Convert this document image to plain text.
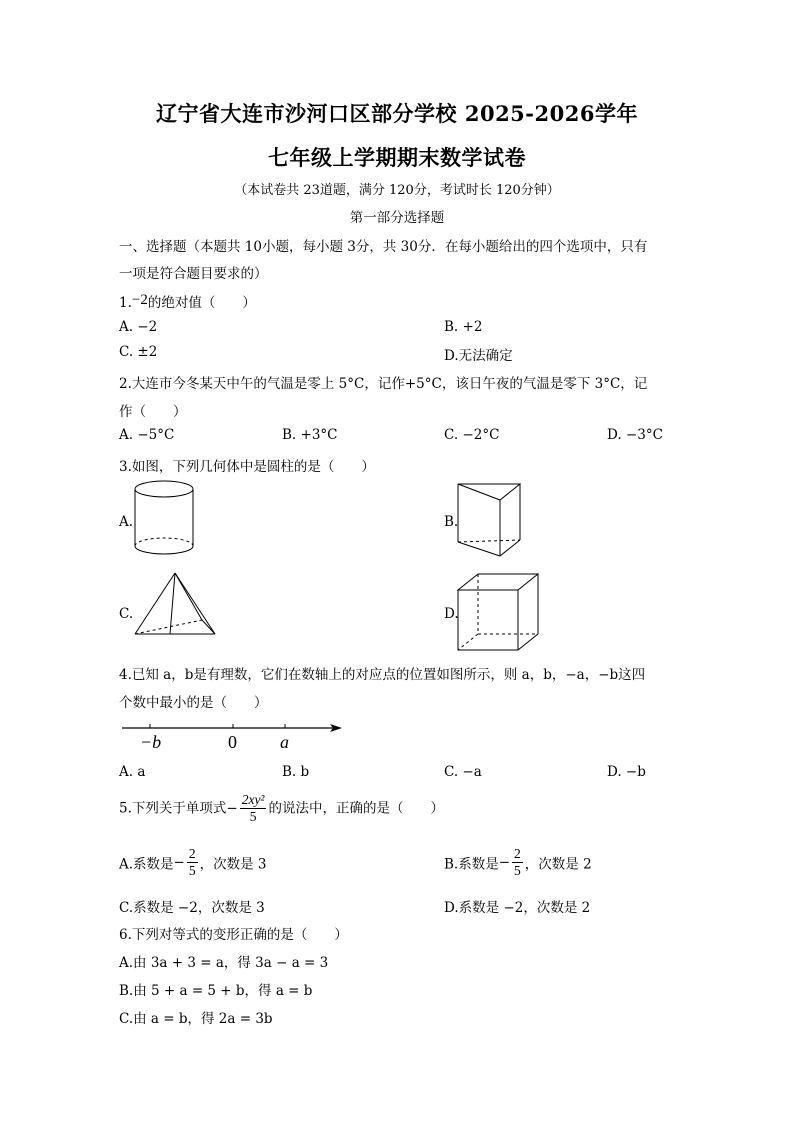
辽宁省大连市沙河口区部分学校 2025-2026学年
七年级上学期期末数学试卷
（本试卷共 23道题，满分 120分，考试时长 120分钟）
第一部分选择题
一、选择题（本题共 10小题，每小题 3分，共 30分．在每小题给出的四个选项中，只有
一项是符合题目要求的）
1.−2的绝对值（　　）
A. −2	B. +2
C. ±2	D.无法确定
2.大连市今冬某天中午的气温是零上 5°C，记作+5°C，该日午夜的气温是零下 3°C，记
作（　　）
A. −5°C	B. +3°C	C. −2°C	D. −3°C
3.如图，下列几何体中是圆柱的是（　　）
A.	B.
C.	D.
4.已知 a，b是有理数，它们在数轴上的对应点的位置如图所示，则 a，b，−a，−b这四
个数中最小的是（　　）
−b	0 a
A. a	B. b	C. −a	D. −b
5.下列关于单项式− $\frac{\text{2xy²}}{5}$ 的说法中，正确的是（　　）
A.系数是− $\frac{2}{5}$ ，次数是 3	B.系数是− $\frac{2}{5}$ ，次数是 2
C.系数是 −2，次数是 3	D.系数是 −2，次数是 2
6.下列对等式的变形正确的是（　　）
A.由 3a + 3 = a，得 3a − a = 3
B.由 5 + a = 5 + b，得 a = b
C.由 a = b，得 2a = 3b
